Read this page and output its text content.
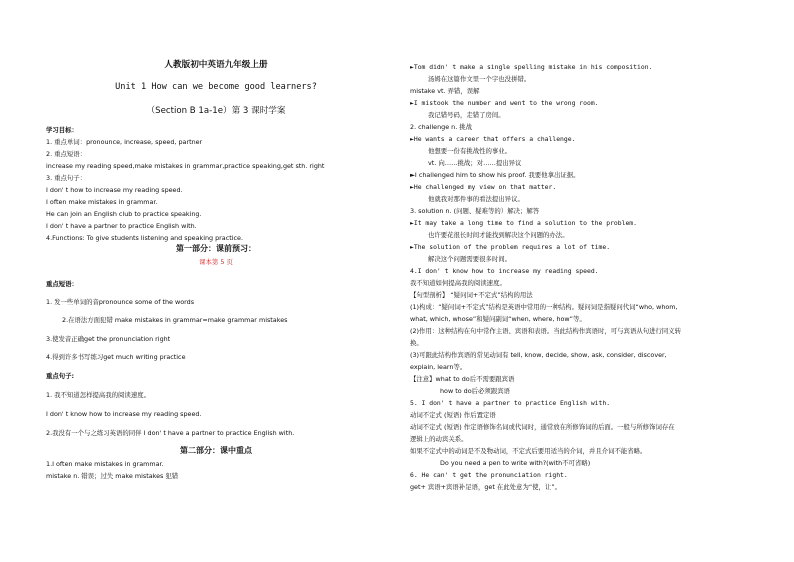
人教版初中英语九年级上册
Unit 1 How can we become good learners?
（Section B 1a-1e）第 3 课时学案
学习目标：
1. 重点单词：pronounce, increase, speed, partner
2. 重点短语：
increase my reading speed,make mistakes in grammar,practice speaking,get sth. right
3. 重点句子：
I don' t how to increase my reading speed.
I often make mistakes in grammar.
He can join an English club to practice speaking.
I don' t have a partner to practice English with.
4.Functions: To give students listening and speaking practice.
第一部分：课前预习：
课本第 5 页
重点短语：
1. 发一些单词的音pronounce some of the words
2.在语法方面犯错 make mistakes in grammar=make grammar mistakes
3.使发音正确get the pronunciation right
4.得到许多书写练习get much writing practice
重点句子:
1. 我不知道怎样提高我的阅读速度。
I don' t know how to increase my reading speed.
2.我没有一个与之练习英语的同伴 I don' t have a partner to practice English with.
第二部分：课中重点
1.I often make mistakes in grammar.
mistake n. 错误；过失 make mistakes 犯错
►Tom didn' t make a single spelling mistake in his composition.
汤姆在这篇作文里一个字也没拼错。
mistake vt. 弄错，误解
►I mistook the number and went to the wrong room.
我记错号码，走错了房间。
2. challenge n. 挑战
►He wants a career that offers a challenge.
他想要一份有挑战性的事业。
vt. 向……挑战；对……提出异议
►I challenged him to show his proof. 我要他拿出证据。
►He challenged my view on that matter.
他就我对那件事的看法提出异议。
3. solution n. (问题、疑难等的）解决；解答
►It may take a long time to find a solution to the problem.
也许要花很长时间才能找到解决这个问题的办法。
►The solution of the problem requires a lot of time.
解决这个问题需要很多时间。
4.I don' t know how to increase my reading speed.
我不知道如何提高我的阅读速度。
【句型剖析】 “疑问词+不定式”结构的用法
(1)构成：“疑问词+不定式”结构是英语中常用的一种结构。疑问词是指疑问代词“who, whom,
what, which, whose”和疑问副词“when, where, how”等。
(2)作用：这种结构在句中常作主语、宾语和表语。当此结构作宾语时，可与宾语从句进行同义转
换。
(3)可跟此结构作宾语的常见动词有 tell, know, decide, show, ask, consider, discover,
explain, learn等。
【注意】what to do后不需要跟宾语
how to do后必须跟宾语
5. I don' t have a partner to practice English with.
动词不定式 (短语) 作后置定语
动词不定式 (短语) 作定语修饰名词或代词时，通常放在所修饰词的后面。一般与所修饰词存在
逻辑上的动宾关系。
如果不定式中的动词是不及物动词，不定式后要用适当的介词，并且介词不能省略。
Do you need a pen to write with?(with不可省略)
6. He can' t get the pronunciation right.
get+ 宾语+宾语补足语，get 在此处意为“使，让”。
